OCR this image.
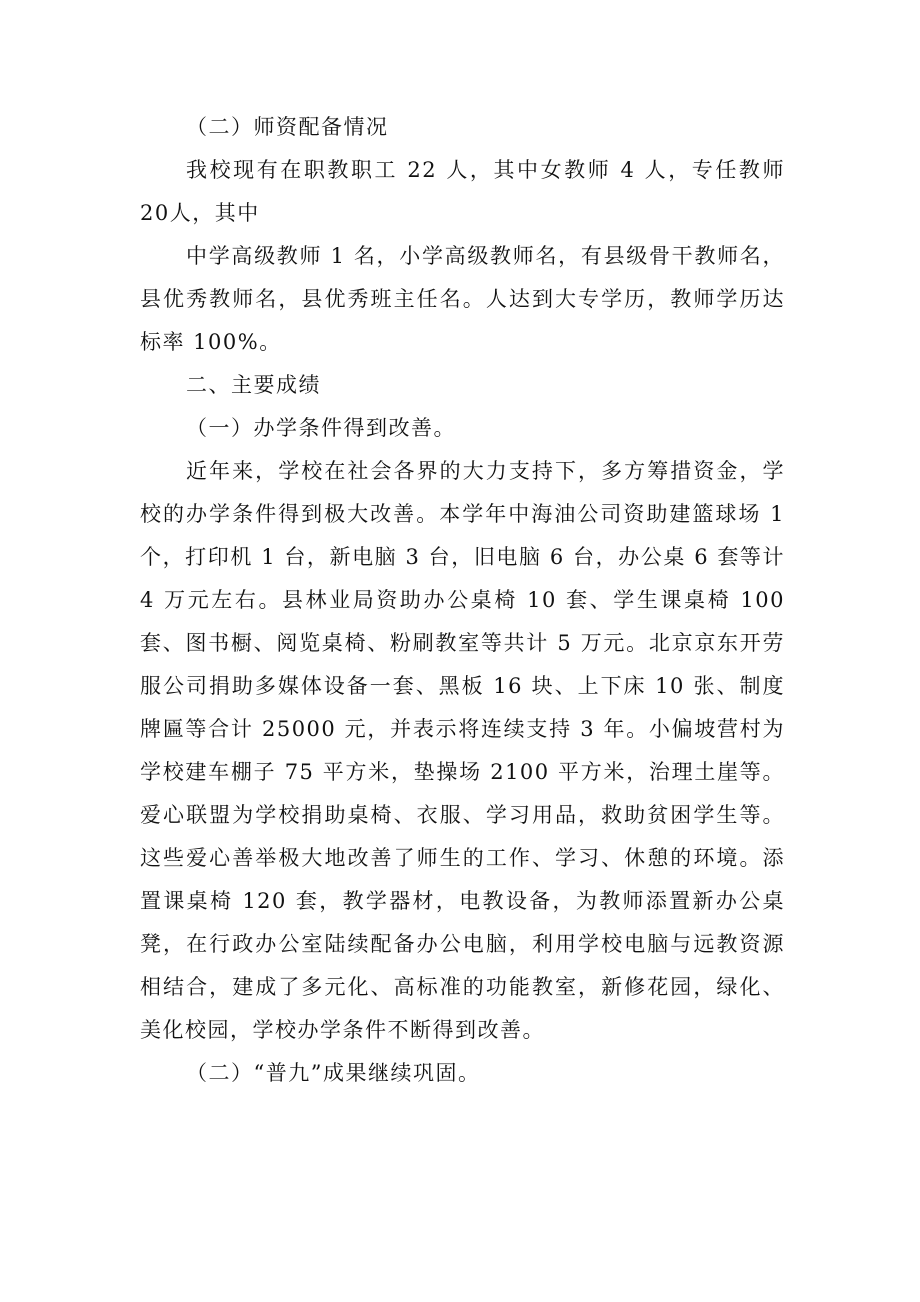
（二）师资配备情况

我校现有在职教职工 22 人，其中女教师 4 人，专任教师20人，其中

中学高级教师 1 名，小学高级教师名，有县级骨干教师名，县优秀教师名，县优秀班主任名。人达到大专学历，教师学历达标率 100%。

二、主要成绩

（一）办学条件得到改善。

近年来，学校在社会各界的大力支持下，多方筹措资金，学校的办学条件得到极大改善。本学年中海油公司资助建篮球场 1 个，打印机 1 台，新电脑 3 台，旧电脑 6 台，办公桌 6 套等计 4 万元左右。县林业局资助办公桌椅 10 套、学生课桌椅 100 套、图书橱、阅览桌椅、粉刷教室等共计 5 万元。北京京东开劳服公司捐助多媒体设备一套、黑板 16 块、上下床 10 张、制度牌匾等合计 25000 元，并表示将连续支持 3 年。小偏坡营村为学校建车棚子 75 平方米，垫操场 2100 平方米，治理土崖等。爱心联盟为学校捐助桌椅、衣服、学习用品，救助贫困学生等。这些爱心善举极大地改善了师生的工作、学习、休憩的环境。添置课桌椅 120 套，教学器材，电教设备，为教师添置新办公桌凳，在行政办公室陆续配备办公电脑，利用学校电脑与远教资源相结合，建成了多元化、高标准的功能教室，新修花园，绿化、美化校园，学校办学条件不断得到改善。

（二）“普九”成果继续巩固。
